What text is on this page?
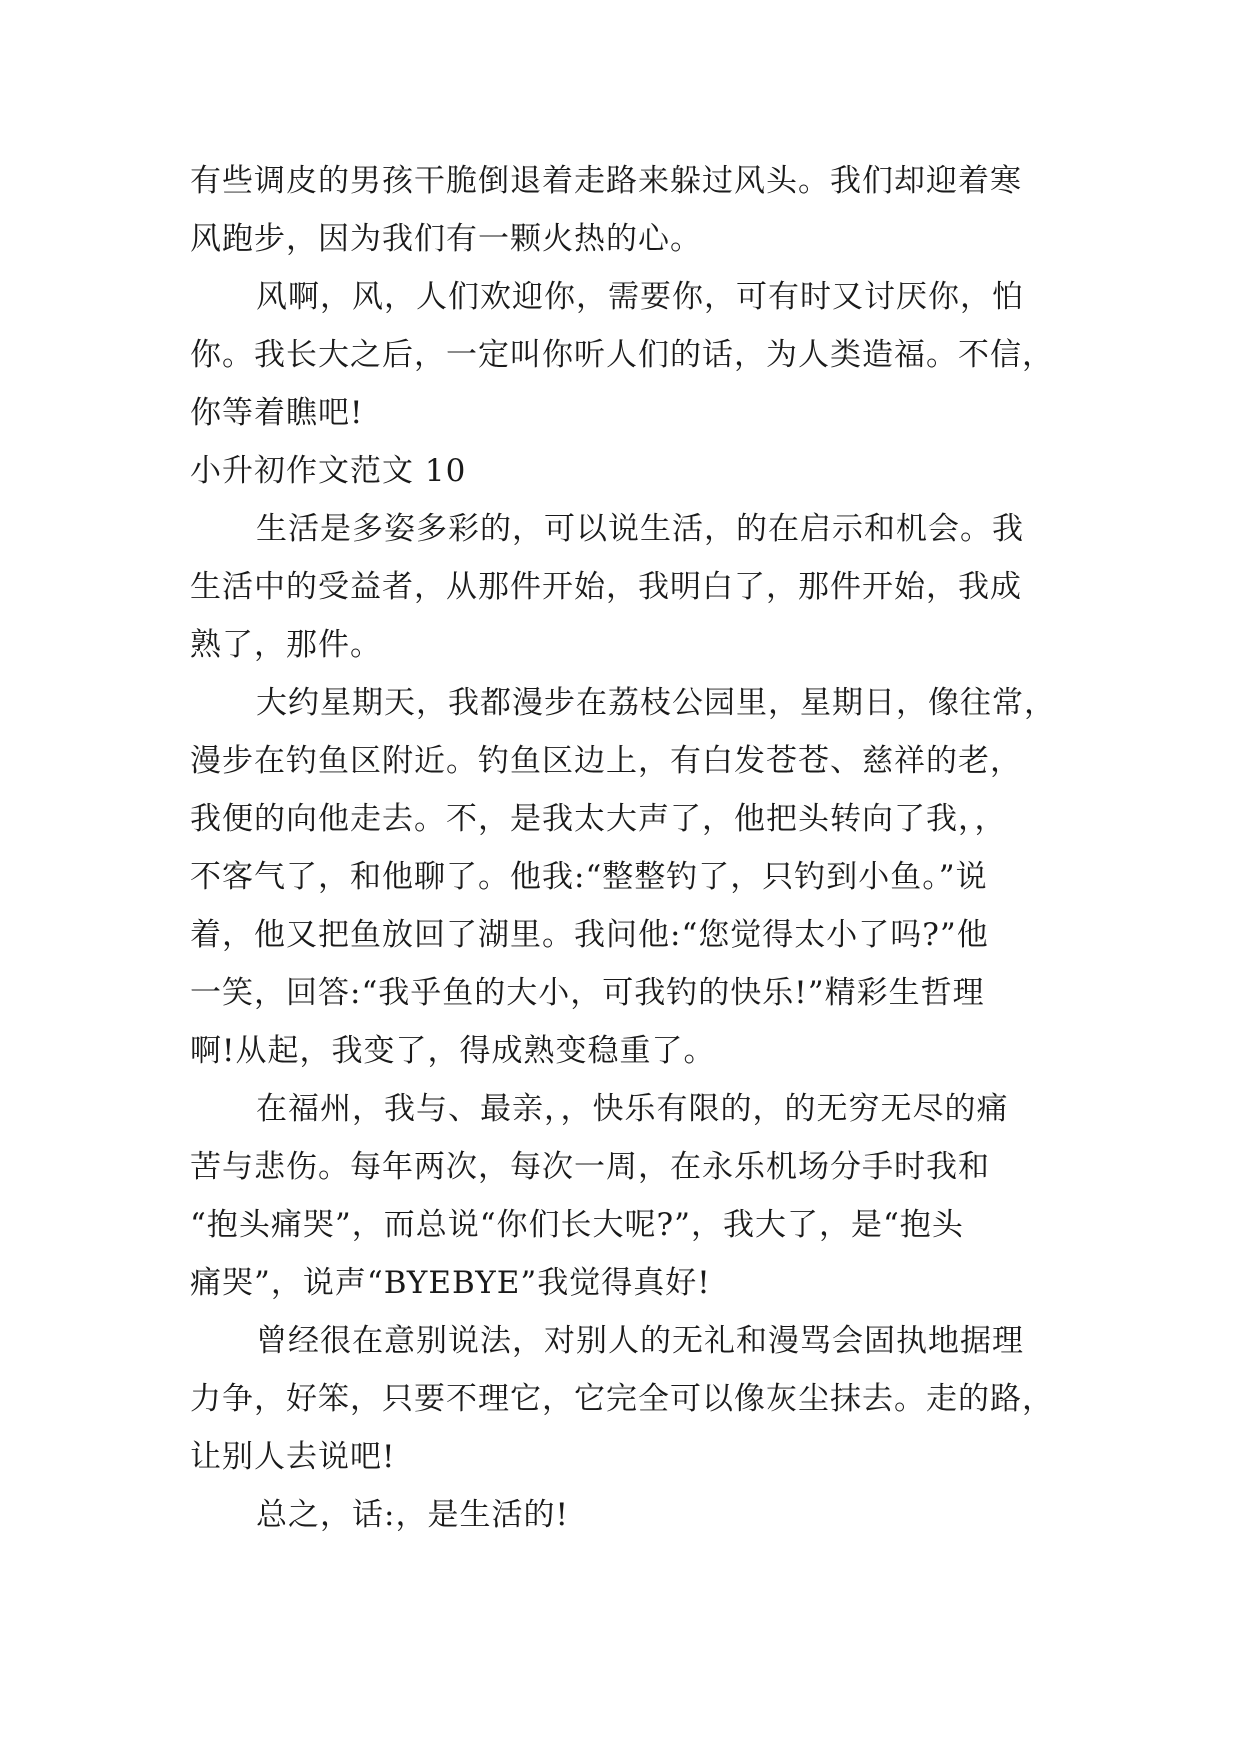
有些调皮的男孩干脆倒退着走路来躲过风头。我们却迎着寒
风跑步，因为我们有一颗火热的心。
风啊，风，人们欢迎你，需要你，可有时又讨厌你，怕
你。我长大之后，一定叫你听人们的话，为人类造福。不信，
你等着瞧吧!
小升初作文范文 10
生活是多姿多彩的，可以说生活，的在启示和机会。我
生活中的受益者，从那件开始，我明白了，那件开始，我成
熟了，那件。
大约星期天，我都漫步在荔枝公园里，星期日，像往常，
漫步在钓鱼区附近。钓鱼区边上，有白发苍苍、慈祥的老，
我便的向他走去。不，是我太大声了，他把头转向了我，，
不客气了，和他聊了。他我:“整整钓了，只钓到小鱼。”说
着，他又把鱼放回了湖里。我问他:“您觉得太小了吗?”他
一笑，回答:“我乎鱼的大小，可我钓的快乐!”精彩生哲理
啊!从起，我变了，得成熟变稳重了。
在福州，我与、最亲，，快乐有限的，的无穷无尽的痛
苦与悲伤。每年两次，每次一周，在永乐机场分手时我和
“抱头痛哭”，而总说“你们长大呢?”，我大了，是“抱头
痛哭”，说声“BYEBYE”我觉得真好!
曾经很在意别说法，对别人的无礼和漫骂会固执地据理
力争，好笨，只要不理它，它完全可以像灰尘抹去。走的路，
让别人去说吧!
总之，话:，是生活的!
